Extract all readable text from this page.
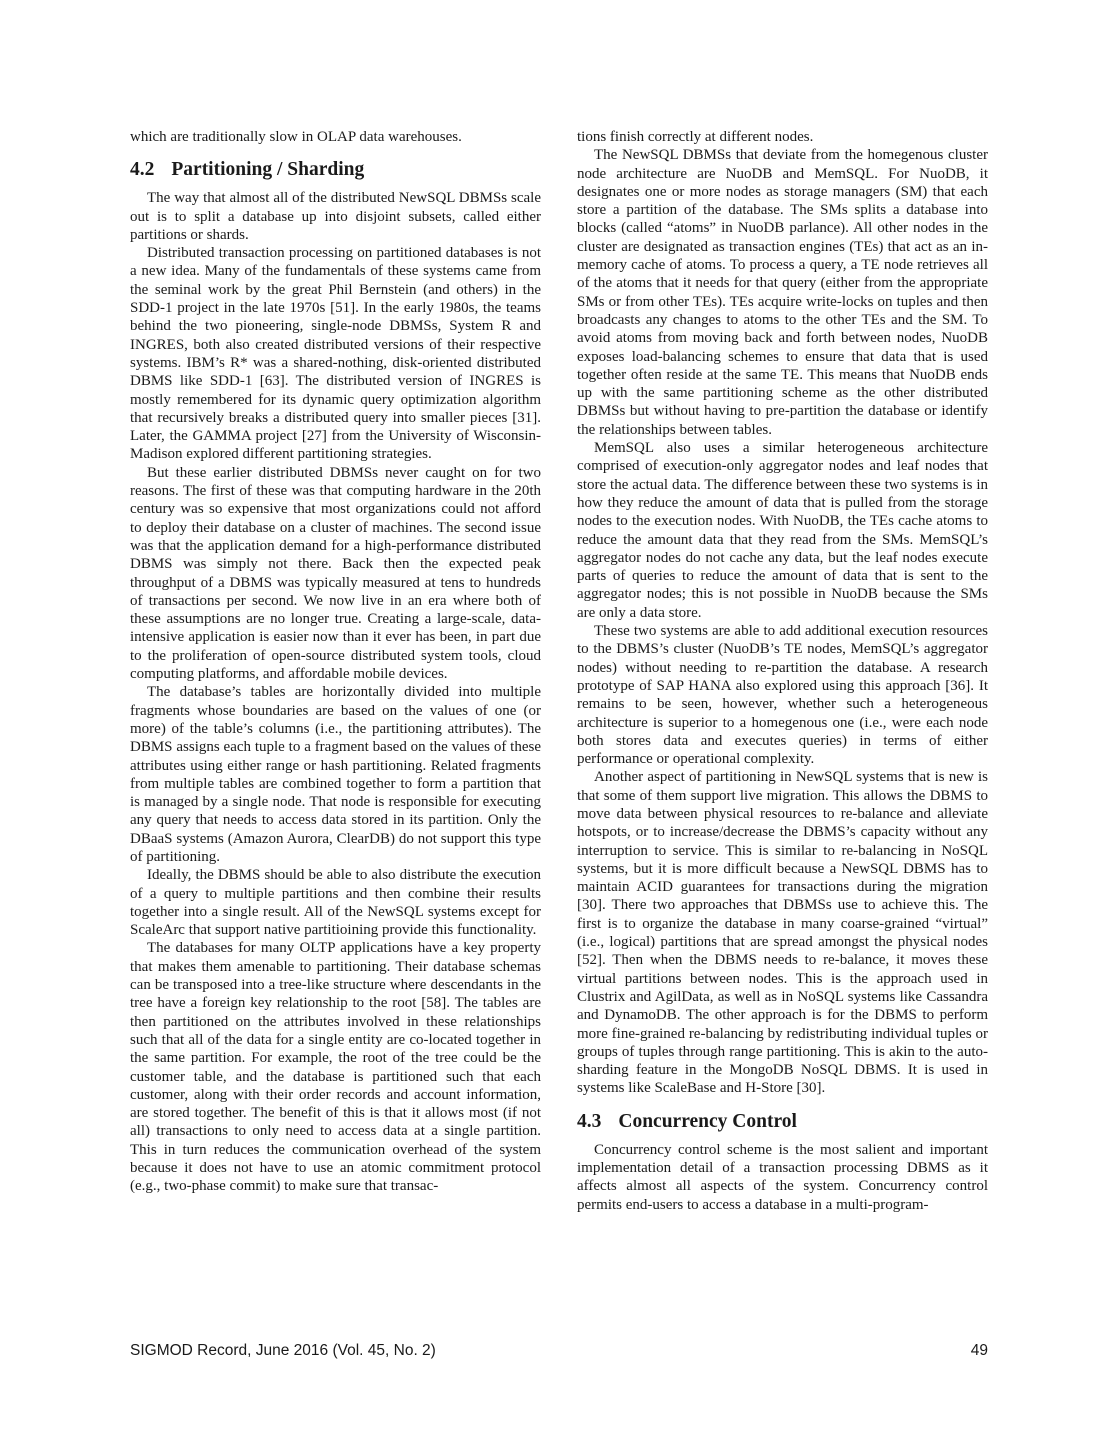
which are traditionally slow in OLAP data warehouses.

4.2 Partitioning / Sharding

The way that almost all of the distributed NewSQL DBMSs scale out is to split a database up into disjoint subsets, called either partitions or shards.

Distributed transaction processing on partitioned databases is not a new idea. Many of the fundamentals of these systems came from the seminal work by the great Phil Bernstein (and others) in the SDD-1 project in the late 1970s [51]. In the early 1980s, the teams behind the two pioneering, single-node DBMSs, System R and INGRES, both also created distributed versions of their respective systems. IBM’s R* was a shared-nothing, disk-oriented distributed DBMS like SDD-1 [63]. The distributed version of INGRES is mostly remembered for its dynamic query optimization algorithm that recursively breaks a distributed query into smaller pieces [31]. Later, the GAMMA project [27] from the University of Wisconsin-Madison explored different partitioning strategies.

But these earlier distributed DBMSs never caught on for two reasons. The first of these was that computing hardware in the 20th century was so expensive that most organizations could not afford to deploy their database on a cluster of machines. The second issue was that the application demand for a high-performance distributed DBMS was simply not there. Back then the expected peak throughput of a DBMS was typically measured at tens to hundreds of transactions per second. We now live in an era where both of these assumptions are no longer true. Creating a large-scale, data-intensive application is easier now than it ever has been, in part due to the proliferation of open-source distributed system tools, cloud computing platforms, and affordable mobile devices.

The database’s tables are horizontally divided into multiple fragments whose boundaries are based on the values of one (or more) of the table’s columns (i.e., the partitioning attributes). The DBMS assigns each tuple to a fragment based on the values of these attributes using either range or hash partitioning. Related fragments from multiple tables are combined together to form a partition that is managed by a single node. That node is responsible for executing any query that needs to access data stored in its partition. Only the DBaaS systems (Amazon Aurora, ClearDB) do not support this type of partitioning.

Ideally, the DBMS should be able to also distribute the execution of a query to multiple partitions and then combine their results together into a single result. All of the NewSQL systems except for ScaleArc that support native partitioining provide this functionality.

The databases for many OLTP applications have a key property that makes them amenable to partitioning. Their database schemas can be transposed into a tree-like structure where descendants in the tree have a foreign key relationship to the root [58]. The tables are then partitioned on the attributes involved in these relationships such that all of the data for a single entity are co-located together in the same partition. For example, the root of the tree could be the customer table, and the database is partitioned such that each customer, along with their order records and account information, are stored together. The benefit of this is that it allows most (if not all) transactions to only need to access data at a single partition. This in turn reduces the communication overhead of the system because it does not have to use an atomic commitment protocol (e.g., two-phase commit) to make sure that transac-

tions finish correctly at different nodes.

The NewSQL DBMSs that deviate from the homegenous cluster node architecture are NuoDB and MemSQL. For NuoDB, it designates one or more nodes as storage managers (SM) that each store a partition of the database. The SMs splits a database into blocks (called “atoms” in NuoDB parlance). All other nodes in the cluster are designated as transaction engines (TEs) that act as an in-memory cache of atoms. To process a query, a TE node retrieves all of the atoms that it needs for that query (either from the appropriate SMs or from other TEs). TEs acquire write-locks on tuples and then broadcasts any changes to atoms to the other TEs and the SM. To avoid atoms from moving back and forth between nodes, NuoDB exposes load-balancing schemes to ensure that data that is used together often reside at the same TE. This means that NuoDB ends up with the same partitioning scheme as the other distributed DBMSs but without having to pre-partition the database or identify the relationships between tables.

MemSQL also uses a similar heterogeneous architecture comprised of execution-only aggregator nodes and leaf nodes that store the actual data. The difference between these two systems is in how they reduce the amount of data that is pulled from the storage nodes to the execution nodes. With NuoDB, the TEs cache atoms to reduce the amount data that they read from the SMs. MemSQL’s aggregator nodes do not cache any data, but the leaf nodes execute parts of queries to reduce the amount of data that is sent to the aggregator nodes; this is not possible in NuoDB because the SMs are only a data store.

These two systems are able to add additional execution resources to the DBMS’s cluster (NuoDB’s TE nodes, MemSQL’s aggregator nodes) without needing to re-partition the database. A research prototype of SAP HANA also explored using this approach [36]. It remains to be seen, however, whether such a heterogeneous architecture is superior to a homegenous one (i.e., were each node both stores data and executes queries) in terms of either performance or operational complexity.

Another aspect of partitioning in NewSQL systems that is new is that some of them support live migration. This allows the DBMS to move data between physical resources to re-balance and alleviate hotspots, or to increase/decrease the DBMS’s capacity without any interruption to service. This is similar to re-balancing in NoSQL systems, but it is more difficult because a NewSQL DBMS has to maintain ACID guarantees for transactions during the migration [30]. There two approaches that DBMSs use to achieve this. The first is to organize the database in many coarse-grained “virtual” (i.e., logical) partitions that are spread amongst the physical nodes [52]. Then when the DBMS needs to re-balance, it moves these virtual partitions between nodes. This is the approach used in Clustrix and AgilData, as well as in NoSQL systems like Cassandra and DynamoDB. The other approach is for the DBMS to perform more fine-grained re-balancing by redistributing individual tuples or groups of tuples through range partitioning. This is akin to the auto-sharding feature in the MongoDB NoSQL DBMS. It is used in systems like ScaleBase and H-Store [30].

4.3 Concurrency Control

Concurrency control scheme is the most salient and important implementation detail of a transaction processing DBMS as it affects almost all aspects of the system. Concurrency control permits end-users to access a database in a multi-program-

SIGMOD Record, June 2016 (Vol. 45, No. 2)	49
